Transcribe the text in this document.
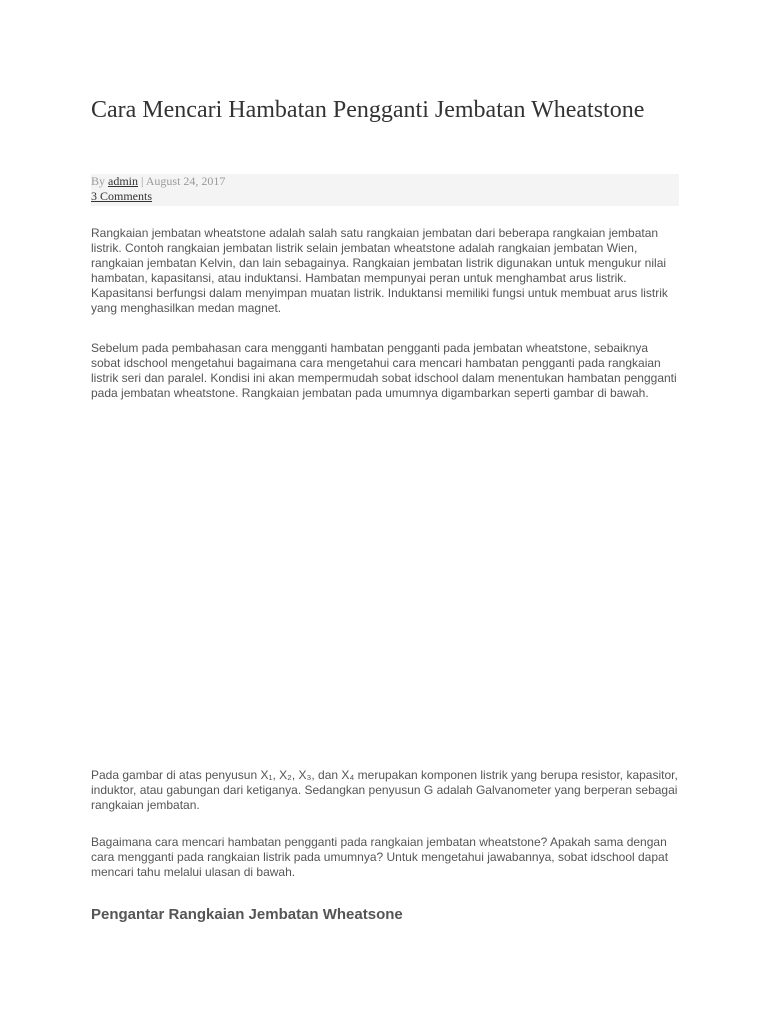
Cara Mencari Hambatan Pengganti Jembatan Wheatstone
By admin | August 24, 2017
3 Comments

Rangkaian jembatan wheatstone adalah salah satu rangkaian jembatan dari beberapa rangkaian jembatan listrik. Contoh rangkaian jembatan listrik selain jembatan wheatstone adalah rangkaian jembatan Wien, rangkaian jembatan Kelvin, dan lain sebagainya. Rangkaian jembatan listrik digunakan untuk mengukur nilai hambatan, kapasitansi, atau induktansi. Hambatan mempunyai peran untuk menghambat arus listrik. Kapasitansi berfungsi dalam menyimpan muatan listrik. Induktansi memiliki fungsi untuk membuat arus listrik yang menghasilkan medan magnet.

Sebelum pada pembahasan cara mengganti hambatan pengganti pada jembatan wheatstone, sebaiknya sobat idschool mengetahui bagaimana cara mengetahui cara mencari hambatan pengganti pada rangkaian listrik seri dan paralel. Kondisi ini akan mempermudah sobat idschool dalam menentukan hambatan pengganti pada jembatan wheatstone. Rangkaian jembatan pada umumnya digambarkan seperti gambar di bawah.

Pada gambar di atas penyusun X₁, X₂, X₃, dan X₄ merupakan komponen listrik yang berupa resistor, kapasitor, induktor, atau gabungan dari ketiganya. Sedangkan penyusun G adalah Galvanometer yang berperan sebagai rangkaian jembatan.

Bagaimana cara mencari hambatan pengganti pada rangkaian jembatan wheatstone? Apakah sama dengan cara mengganti pada rangkaian listrik pada umumnya? Untuk mengetahui jawabannya, sobat idschool dapat mencari tahu melalui ulasan di bawah.

Pengantar Rangkaian Jembatan Wheatsone
